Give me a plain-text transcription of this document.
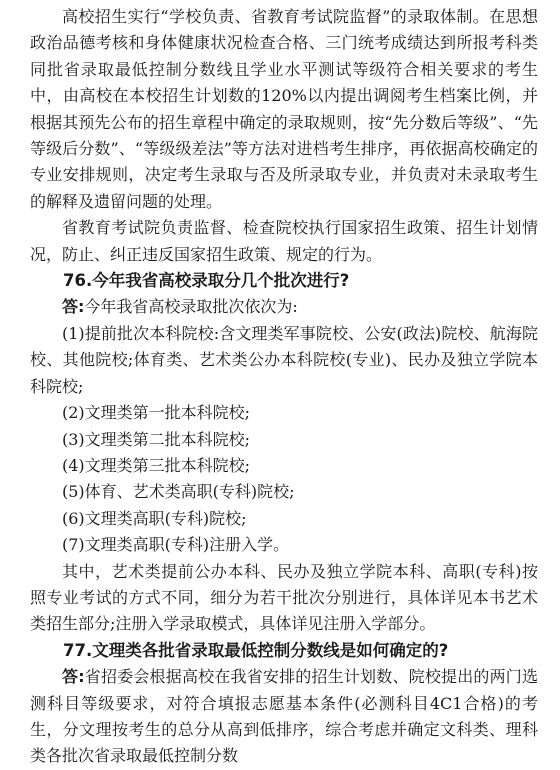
高校招生实行“学校负责、省教育考试院监督”的录取体制。在思想政治品德考核和身体健康状况检查合格、三门统考成绩达到所报考科类同批省录取最低控制分数线且学业水平测试等级符合相关要求的考生中，由高校在本校招生计划数的120%以内提出调阅考生档案比例，并根据其预先公布的招生章程中确定的录取规则，按“先分数后等级”、“先等级后分数”、“等级级差法”等方法对进档考生排序，再依据高校确定的专业安排规则，决定考生录取与否及所录取专业，并负责对未录取考生的解释及遗留问题的处理。

省教育考试院负责监督、检查院校执行国家招生政策、招生计划情况，防止、纠正违反国家招生政策、规定的行为。

76.今年我省高校录取分几个批次进行?

答:今年我省高校录取批次依次为:

(1)提前批次本科院校:含文理类军事院校、公安(政法)院校、航海院校、其他院校;体育类、艺术类公办本科院校(专业)、民办及独立学院本科院校;

(2)文理类第一批本科院校;

(3)文理类第二批本科院校;

(4)文理类第三批本科院校;

(5)体育、艺术类高职(专科)院校;

(6)文理类高职(专科)院校;

(7)文理类高职(专科)注册入学。

其中，艺术类提前公办本科、民办及独立学院本科、高职(专科)按照专业考试的方式不同，细分为若干批次分别进行，具体详见本书艺术类招生部分;注册入学录取模式，具体详见注册入学部分。

77.文理类各批省录取最低控制分数线是如何确定的?

答:省招委会根据高校在我省安排的招生计划数、院校提出的两门选测科目等级要求，对符合填报志愿基本条件(必测科目4C1合格)的考生，分文理按考生的总分从高到低排序，综合考虑并确定文科类、理科类各批次省录取最低控制分数
